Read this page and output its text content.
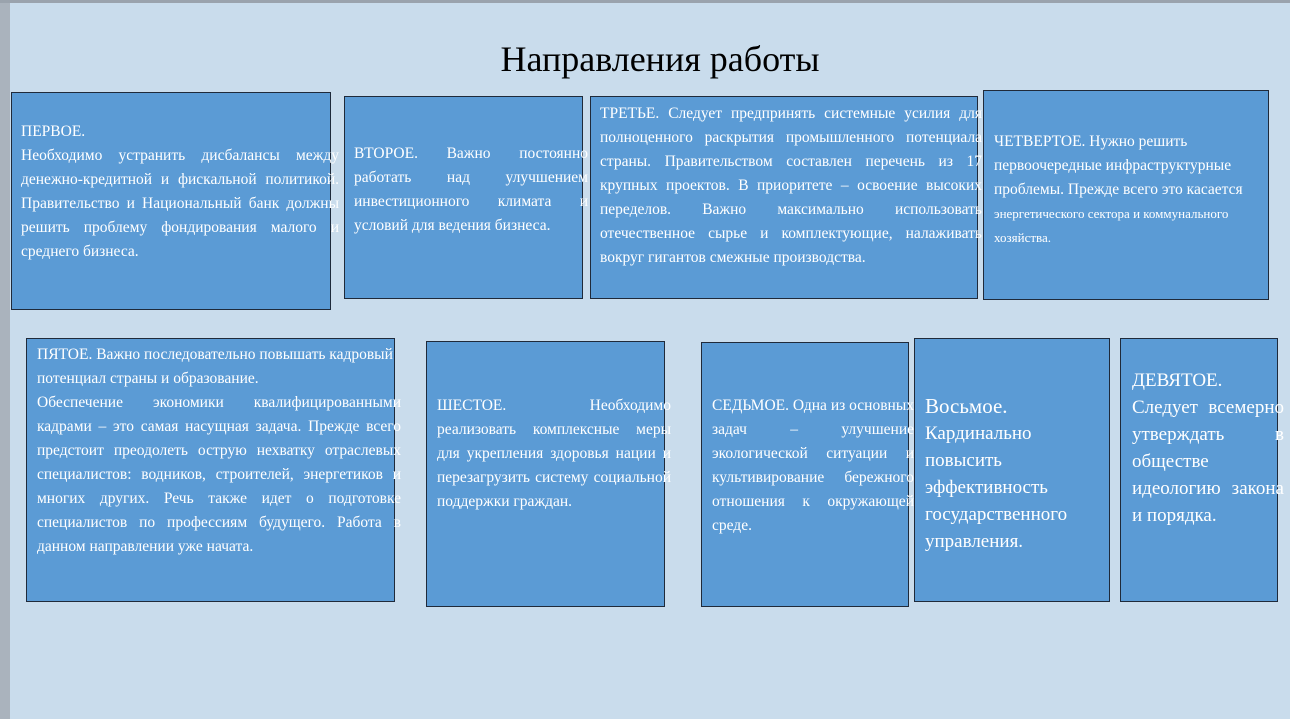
Направления работы
ПЕРВОЕ.
Необходимо устранить дисбалансы между денежно-кредитной и фискальной политикой. Правительство и Национальный банк должны решить проблему фондирования малого и среднего бизнеса.
ВТОРОЕ. Важно постоянно работать над улучшением инвестиционного климата и условий для ведения бизнеса.
ТРЕТЬЕ. Следует предпринять системные усилия для полноценного раскрытия промышленного потенциала страны. Правительством составлен перечень из 17 крупных проектов. В приоритете – освоение высоких переделов. Важно максимально использовать отечественное сырье и комплектующие, налаживать вокруг гигантов смежные производства.
ЧЕТВЕРТОЕ. Нужно решить первоочередные инфраструктурные проблемы. Прежде всего это касается энергетического сектора и коммунального хозяйства.
ПЯТОЕ. Важно последовательно повышать кадровый потенциал страны и образование.
Обеспечение экономики квалифицированными кадрами – это самая насущная задача. Прежде всего предстоит преодолеть острую нехватку отраслевых специалистов: водников, строителей, энергетиков и многих других. Речь также идет о подготовке специалистов по профессиям будущего. Работа в данном направлении уже начата.
ШЕСТОЕ. Необходимо реализовать комплексные меры для укрепления здоровья нации и перезагрузить систему социальной поддержки граждан.
СЕДЬМОЕ. Одна из основных задач – улучшение экологической ситуации и культивирование бережного отношения к окружающей среде.
Восьмое.
Кардинально повысить эффективность государственного управления.
ДЕВЯТОЕ.
Следует всемерно утверждать в обществе идеологию закона и порядка.
